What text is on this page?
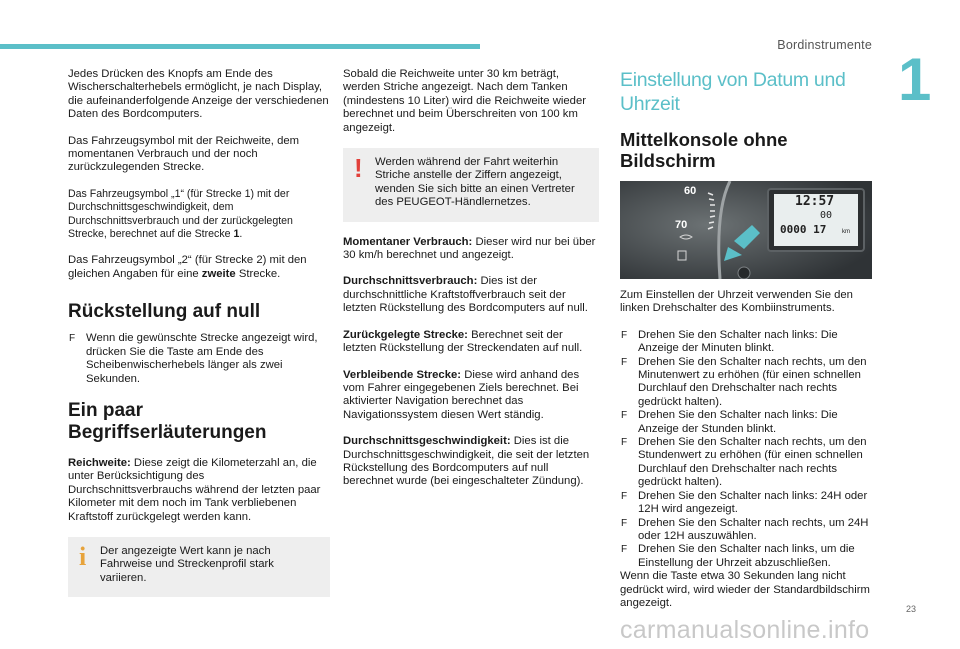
Bordinstrumente
1

Jedes Drücken des Knopfs am Ende des Wischerschalterhebels ermöglicht, je nach Display, die aufeinanderfolgende Anzeige der verschiedenen Daten des Bordcomputers.

Das Fahrzeugsymbol mit der Reichweite, dem momentanen Verbrauch und der noch zurückzulegenden Strecke.

Das Fahrzeugsymbol „1“ (für Strecke 1) mit der Durchschnittsgeschwindigkeit, dem Durchschnittsverbrauch und der zurückgelegten Strecke, berechnet auf die Strecke 1.

Das Fahrzeugsymbol „2“ (für Strecke 2) mit den gleichen Angaben für eine zweite Strecke.

Rückstellung auf null

F Wenn die gewünschte Strecke angezeigt wird, drücken Sie die Taste am Ende des Scheibenwischerhebels länger als zwei Sekunden.

Ein paar Begriffserläuterungen

Reichweite: Diese zeigt die Kilometerzahl an, die unter Berücksichtigung des Durchschnittsverbrauchs während der letzten paar Kilometer mit dem noch im Tank verbliebenen Kraftstoff zurückgelegt werden kann.

i Der angezeigte Wert kann je nach Fahrweise und Streckenprofil stark variieren.

Sobald die Reichweite unter 30 km beträgt, werden Striche angezeigt. Nach dem Tanken (mindestens 10 Liter) wird die Reichweite wieder berechnet und beim Überschreiten von 100 km angezeigt.

! Werden während der Fahrt weiterhin Striche anstelle der Ziffern angezeigt, wenden Sie sich bitte an einen Vertreter des PEUGEOT-Händlernetzes.

Momentaner Verbrauch: Dieser wird nur bei über 30 km/h berechnet und angezeigt.

Durchschnittsverbrauch: Dies ist der durchschnittliche Kraftstoffverbrauch seit der letzten Rückstellung des Bordcomputers auf null.

Zurückgelegte Strecke: Berechnet seit der letzten Rückstellung der Streckendaten auf null.

Verbleibende Strecke: Diese wird anhand des vom Fahrer eingegebenen Ziels berechnet. Bei aktivierter Navigation berechnet das Navigationssystem diesen Wert ständig.

Durchschnittsgeschwindigkeit: Dies ist die Durchschnittsgeschwindigkeit, die seit der letzten Rückstellung des Bordcomputers auf null berechnet wurde (bei eingeschalteter Zündung).

Einstellung von Datum und Uhrzeit
Mittelkonsole ohne Bildschirm
60
70
12:57
00
0000 17	km

Zum Einstellen der Uhrzeit verwenden Sie den linken Drehschalter des Kombiinstruments.

F Drehen Sie den Schalter nach links: Die Anzeige der Minuten blinkt.

F Drehen Sie den Schalter nach rechts, um den Minutenwert zu erhöhen (für einen schnellen Durchlauf den Drehschalter nach rechts gedrückt halten).

F Drehen Sie den Schalter nach links: Die Anzeige der Stunden blinkt.

F Drehen Sie den Schalter nach rechts, um den Stundenwert zu erhöhen (für einen schnellen Durchlauf den Drehschalter nach rechts gedrückt halten).

F Drehen Sie den Schalter nach links: 24H oder 12H wird angezeigt.

F Drehen Sie den Schalter nach rechts, um 24H oder 12H auszuwählen.

F Drehen Sie den Schalter nach links, um die Einstellung der Uhrzeit abzuschließen.

Wenn die Taste etwa 30 Sekunden lang nicht gedrückt wird, wird wieder der Standardbildschirm angezeigt.

23
carmanualsonline.info
